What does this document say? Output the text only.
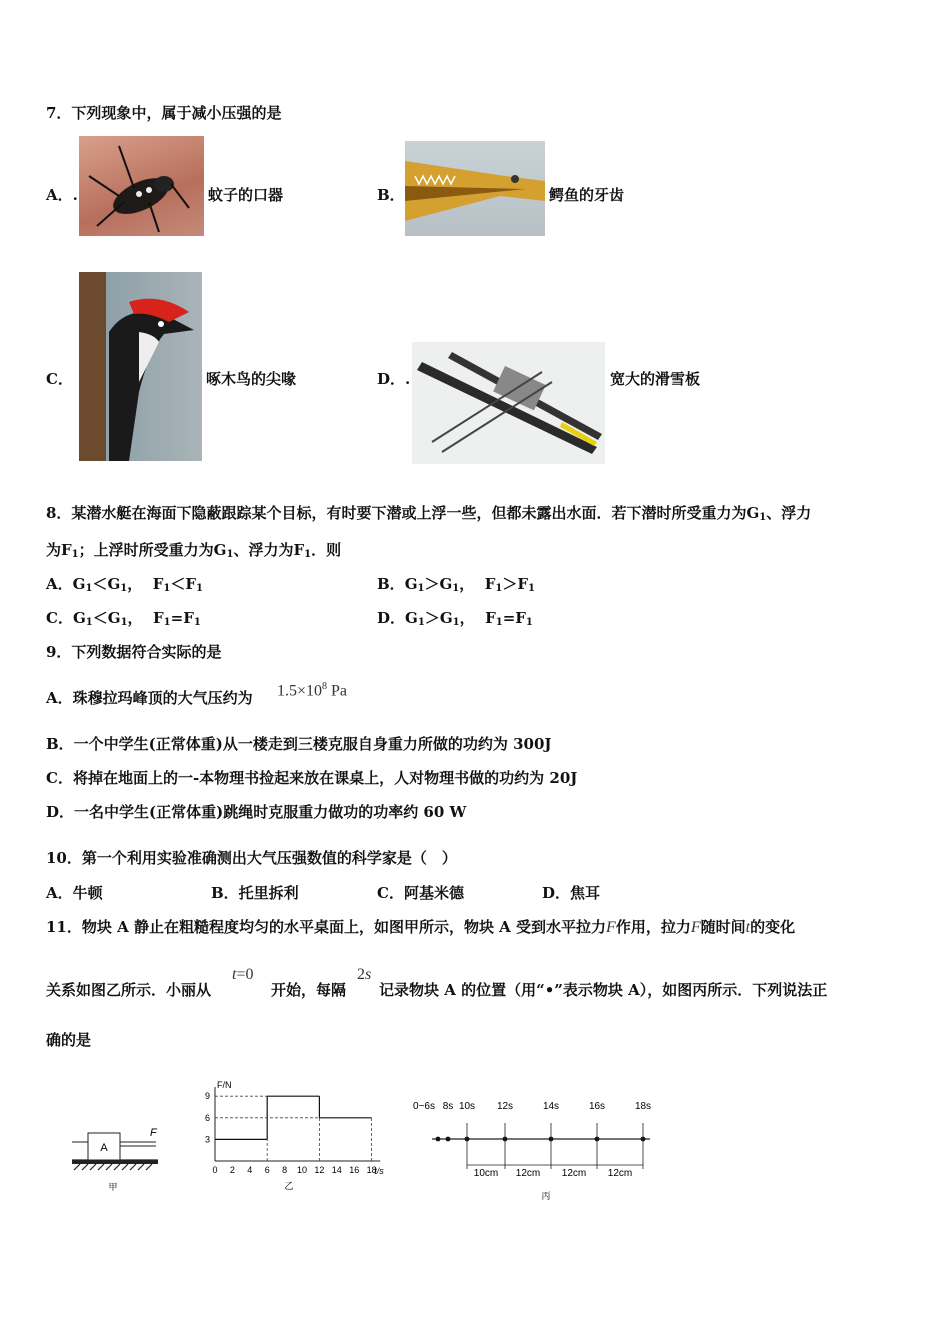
7．下列现象中，属于减小压强的是
A．.	蚊子的口器	B．	鳄鱼的牙齿
C．	啄木鸟的尖喙	D．.	宽大的滑雪板
8．某潜水艇在海面下隐蔽跟踪某个目标，有时要下潜或上浮一些，但都未露出水面．若下潜时所受重力为$G_1$、浮力
为$F_1$；上浮时所受重力为$G_1$、浮力为$F_1$．则
A．$G_1<G_1$， $F_1<F_1$	B．$G_1>G_1$， $F_1>F_1$
C．$G_1<G_1$， $F_1=F_1$	D．$G_1>G_1$， $F_1=F_1$
9．下列数据符合实际的是
A．珠穆拉玛峰顶的大气压约为 $1.5\times 10^8$ Pa
B．一个中学生(正常体重)从一楼走到三楼克服自身重力所做的功约为 300J
C．将掉在地面上的一-本物理书捡起来放在课桌上，人对物理书做的功约为 20J
D．一名中学生(正常体重)跳绳时克服重力做功的功率约 60 W
10．第一个利用实验准确测出大气压强数值的科学家是（　）
A．牛顿	B．托里拆利	C．阿基米德	D．焦耳
11．物块 A 静止在粗糙程度均匀的水平桌面上，如图甲所示，物块 A 受到水平拉力F作用，拉力F随时间t的变化
关系如图乙所示．小丽从
t=0
开始，每隔
2s
记录物块 A 的位置（用“•”表示物块 A），如图丙所示．下列说法正
确的是
A
F
甲
F/N
t/s
0 2 4 6 8 10 12 14 16 18
3
6
9
乙
0~6s 8s 10s 12s	14s	16s	18s
10cm 12cm 12cm 12cm
丙
